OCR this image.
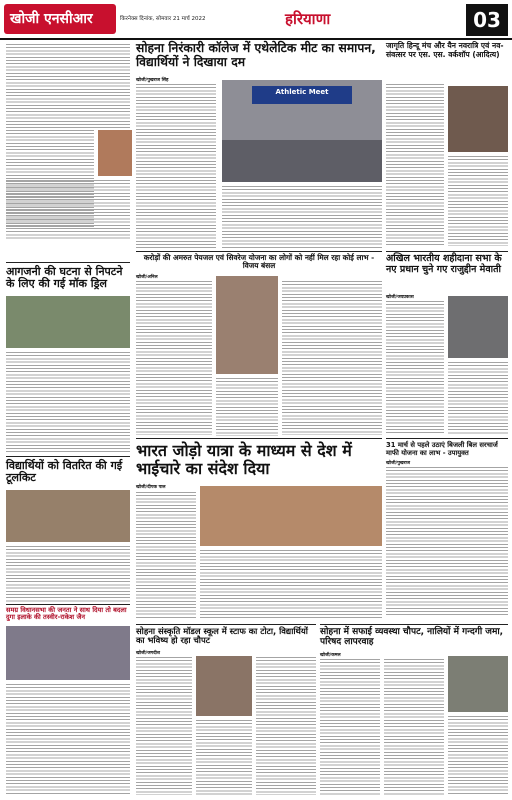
खोजी एनसीआर	किरनेक्स दिनांक, सोमवार 21 मार्च 2022	हरियाणा	03
आगजनी की घटना से निपटने के लिए की गई मॉक ड्रिल
विद्यार्थियों को वितरित की गई टूलकिट
समग्र विधानसभा की जनता ने साथ दिया तो बदला दुगा इलाके की तस्वीर-राकेश जैन
सोहना निरंकारी कॉलेज में एथेलेटिक मीट का समापन, विद्यार्थियों ने दिखाया दम
खोजी/पुखराज सिंह
Athletic Meet
जागृति हिन्दू मंच और यैन नवरात्रि एवं नव-संवत्सर पर एस. एस. वर्कशॉप (आदित्य)
करोड़ों की अमरुत पेयजल एवं सिवरेज योजना का लोगों को नहीं मिल रहा कोई लाभ - विजय बंसल
खोजी/अनिल
अखिल भारतीय शहीदाना सभा के नए प्रधान चुने गए राजुद्दीन मेवाती
खोजी/जयप्रकाश
भारत जोड़ो यात्रा के माध्यम से देश में भाईचारे का संदेश दिया
खोजी/दीपक पाल
31 मार्च से पहले उठाएं बिजली बिल सरचार्ज माफी योजना का लाभ - उपायुक्त
खोजी/पुखराज
सोहना संस्कृति मॉडल स्कूल में स्टाफ का टोटा, विद्यार्थियों का भविष्य हो रहा चौपट
खोजी/जगदीश
सोहना में सफाई व्यवस्था चौपट, नालियों में गन्दगी जमा, परिषद लापरवाह
खोजी/कमल
